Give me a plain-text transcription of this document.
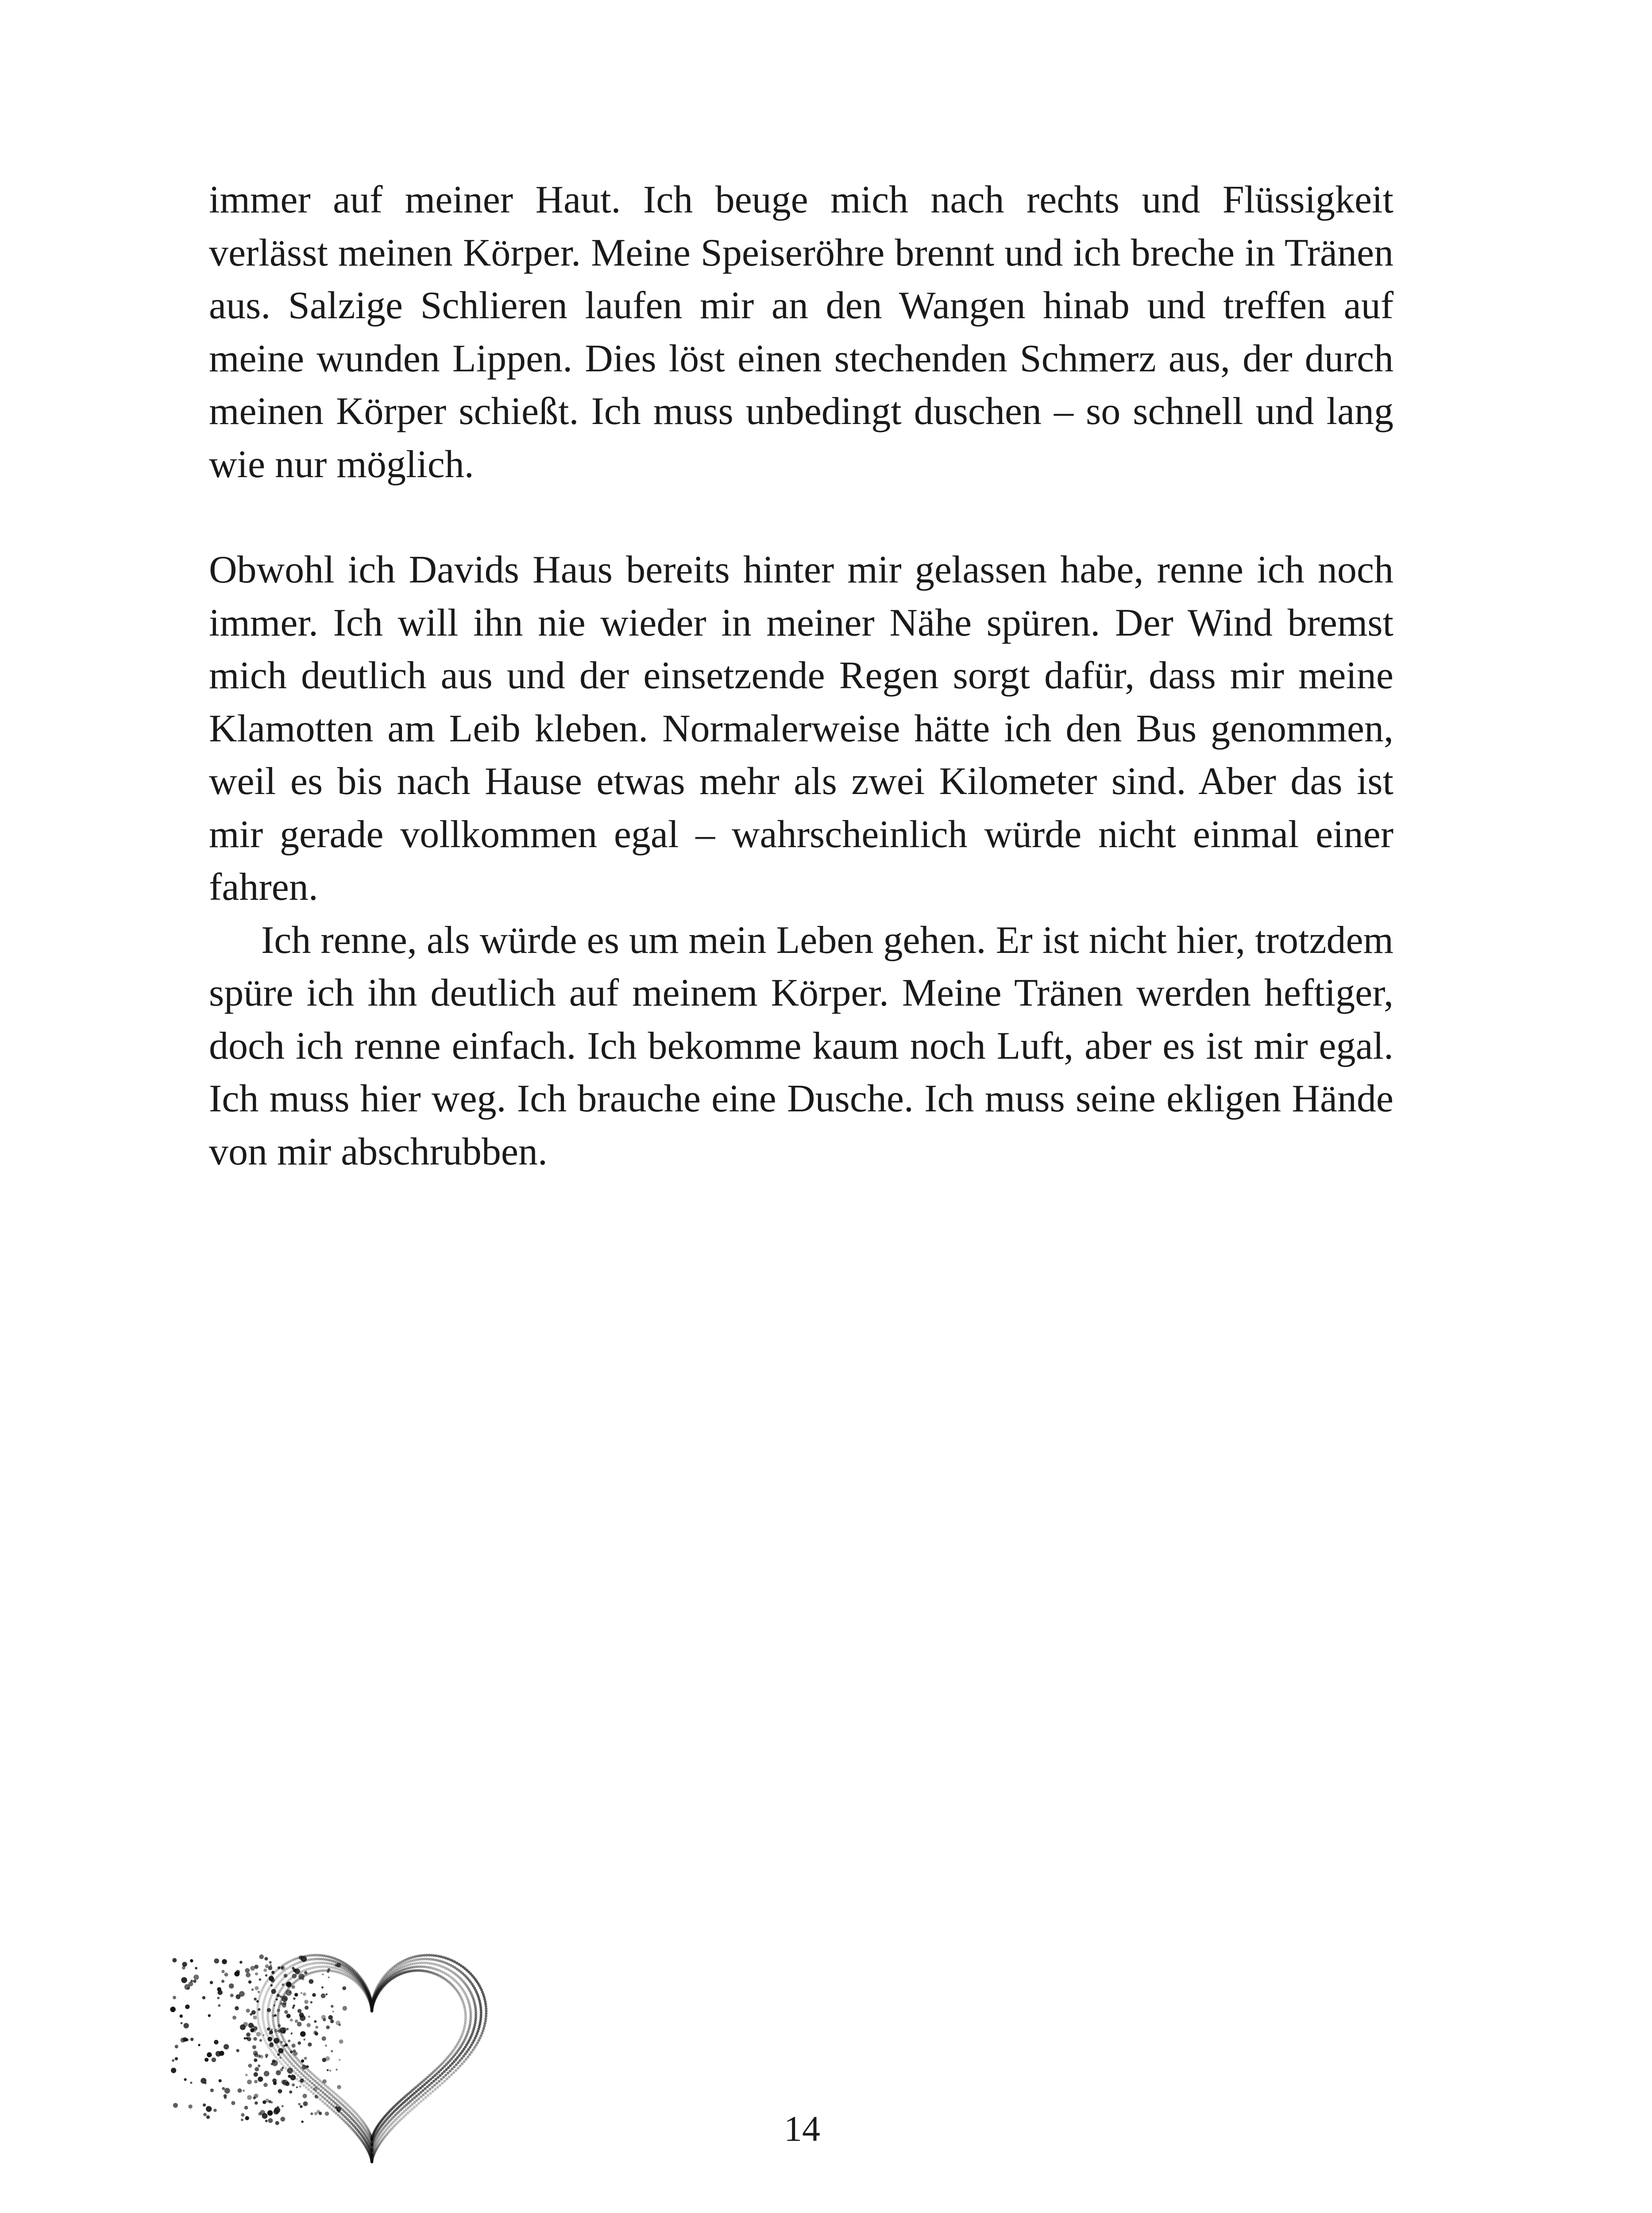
immer auf meiner Haut. Ich beuge mich nach rechts und Flüssigkeit verlässt meinen Körper. Meine Speiseröhre brennt und ich breche in Tränen aus. Salzige Schlieren laufen mir an den Wangen hinab und treffen auf meine wunden Lippen. Dies löst einen stechenden Schmerz aus, der durch meinen Körper schießt. Ich muss unbedingt duschen – so schnell und lang wie nur möglich.

Obwohl ich Davids Haus bereits hinter mir gelassen habe, renne ich noch immer. Ich will ihn nie wieder in meiner Nähe spüren. Der Wind bremst mich deutlich aus und der einsetzende Regen sorgt dafür, dass mir meine Klamotten am Leib kleben. Normalerweise hätte ich den Bus genommen, weil es bis nach Hause etwas mehr als zwei Kilometer sind. Aber das ist mir gerade vollkommen egal – wahrscheinlich würde nicht einmal einer fahren.

Ich renne, als würde es um mein Leben gehen. Er ist nicht hier, trotzdem spüre ich ihn deutlich auf meinem Körper. Meine Tränen werden heftiger, doch ich renne einfach. Ich bekomme kaum noch Luft, aber es ist mir egal. Ich muss hier weg. Ich brauche eine Dusche. Ich muss seine ekligen Hände von mir abschrubben.

14
